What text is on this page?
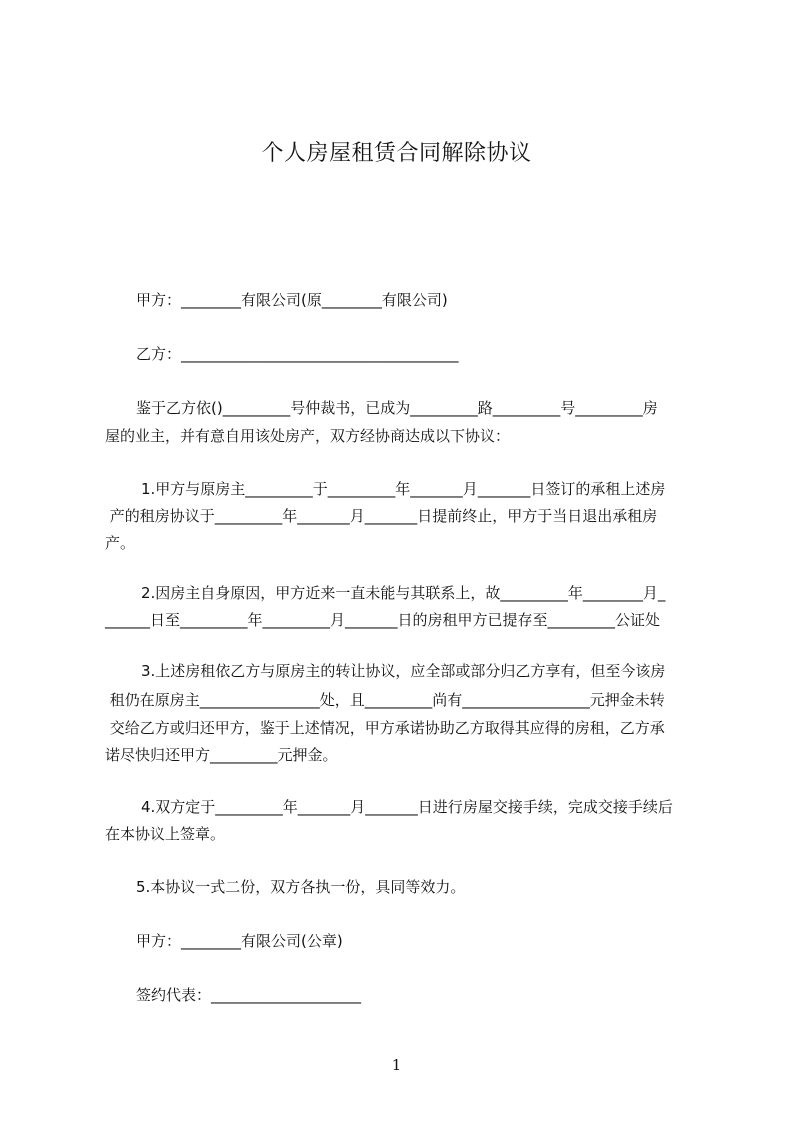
个人房屋租赁合同解除协议
甲方：________有限公司(原________有限公司)
乙方：_____________________________________
鉴于乙方依()_________号仲裁书，已成为_________路_________号_________房
屋的业主，并有意自用该处房产，双方经协商达成以下协议：
1.甲方与原房主_________于_________年_______月_______日签订的承租上述房
产的租房协议于_________年_______月_______日提前终止，甲方于当日退出承租房
产。
2.因房主自身原因，甲方近来一直未能与其联系上，故_________年________月_
______日至_________年_________月_______日的房租甲方已提存至_________公证处
3.上述房租依乙方与原房主的转让协议，应全部或部分归乙方享有，但至今该房
租仍在原房主________________处，且_________尚有_________________元押金未转
交给乙方或归还甲方，鉴于上述情况，甲方承诺协助乙方取得其应得的房租，乙方承
诺尽快归还甲方_________元押金。
4.双方定于_________年_______月_______日进行房屋交接手续，完成交接手续后
在本协议上签章。
5.本协议一式二份，双方各执一份，具同等效力。
甲方：________有限公司(公章)
签约代表：____________________
1
